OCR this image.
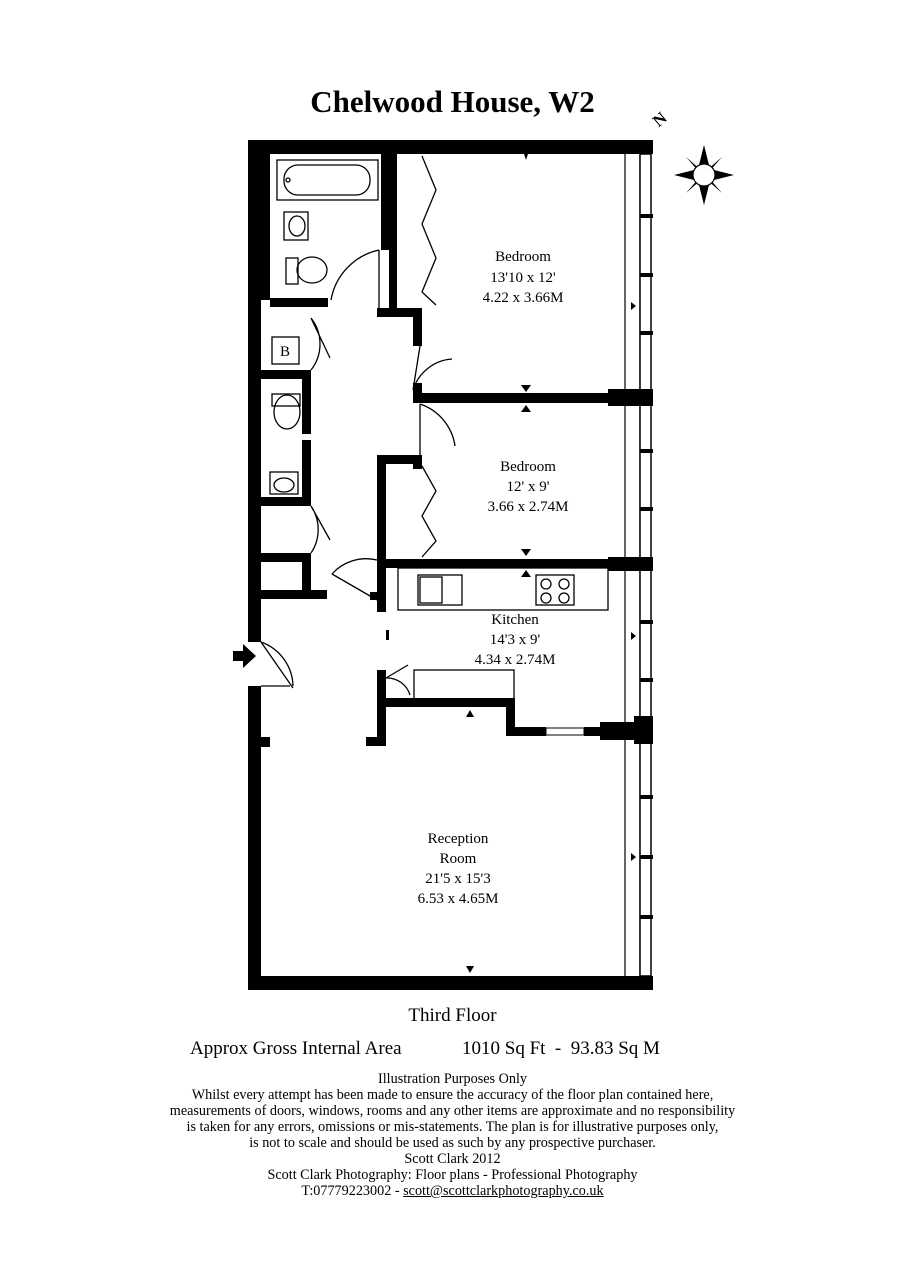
Chelwood House, W2
N
B
Bedroom
13'10 x 12'
4.22 x 3.66M
Bedroom
12' x 9'
3.66 x 2.74M
Kitchen
14'3 x 9'
4.34 x 2.74M
Reception
Room
21'5 x 15'3
6.53 x 4.65M
Third Floor
Approx Gross Internal Area	1010 Sq Ft  -  93.83 Sq M
Illustration Purposes Only
Whilst every attempt has been made to ensure the accuracy of the floor plan contained here,
measurements of doors, windows, rooms and any other items are approximate and no responsibility
is taken for any errors, omissions or mis-statements. The plan is for illustrative purposes only,
is not to scale and should be used as such by any prospective purchaser.
Scott Clark 2012
Scott Clark Photography: Floor plans - Professional Photography
T:07779223002 - scott@scottclarkphotography.co.uk
